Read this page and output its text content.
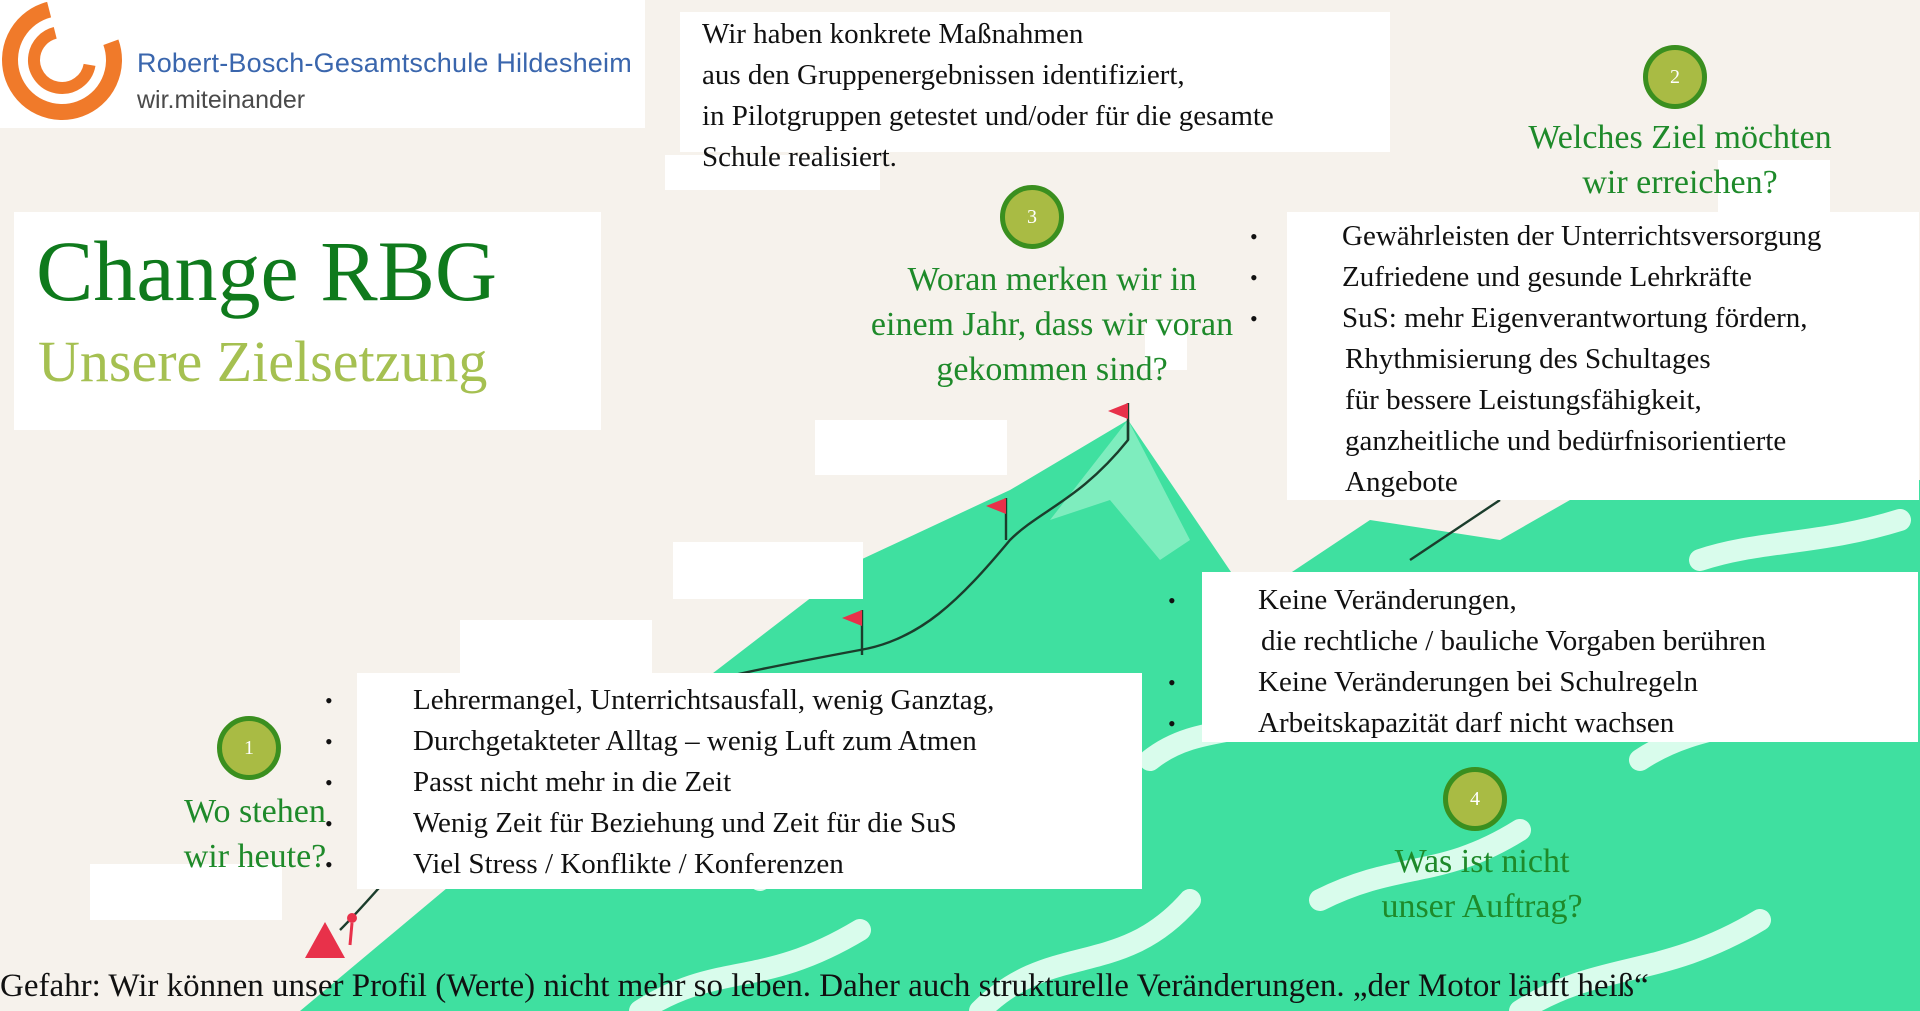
Robert-Bosch-Gesamtschule Hildesheim
wir.miteinander
Change RBG
Unsere Zielsetzung
Wir haben konkrete Maßnahmen
aus den Gruppenergebnissen identifiziert,
in Pilotgruppen getestet und/oder für die gesamte
Schule realisiert.
3
Woran merken wir in
einem Jahr, dass wir voran
gekommen sind?
2
Welches Ziel möchten
wir erreichen?
•	Gewährleisten der Unterrichtsversorgung
•	Zufriedene und gesunde Lehrkräfte
•	SuS: mehr Eigenverantwortung fördern,
Rhythmisierung des Schultages
für bessere Leistungsfähigkeit,
ganzheitliche und bedürfnisorientierte
Angebote
•	Keine Veränderungen,
die rechtliche / bauliche Vorgaben berühren
•	Keine Veränderungen bei Schulregeln
•	Arbeitskapazität darf nicht wachsen
4
Was ist nicht
unser Auftrag?
•	Lehrermangel, Unterrichtsausfall, wenig Ganztag,
•	Durchgetakteter Alltag – wenig Luft zum Atmen
•	Passt nicht mehr in die Zeit
•	Wenig Zeit für Beziehung und Zeit für die SuS
•	Viel Stress / Konflikte / Konferenzen
1
Wo stehen
wir heute?
Gefahr: Wir können unser Profil (Werte) nicht mehr so leben. Daher auch strukturelle Veränderungen. „der Motor läuft heiß“
